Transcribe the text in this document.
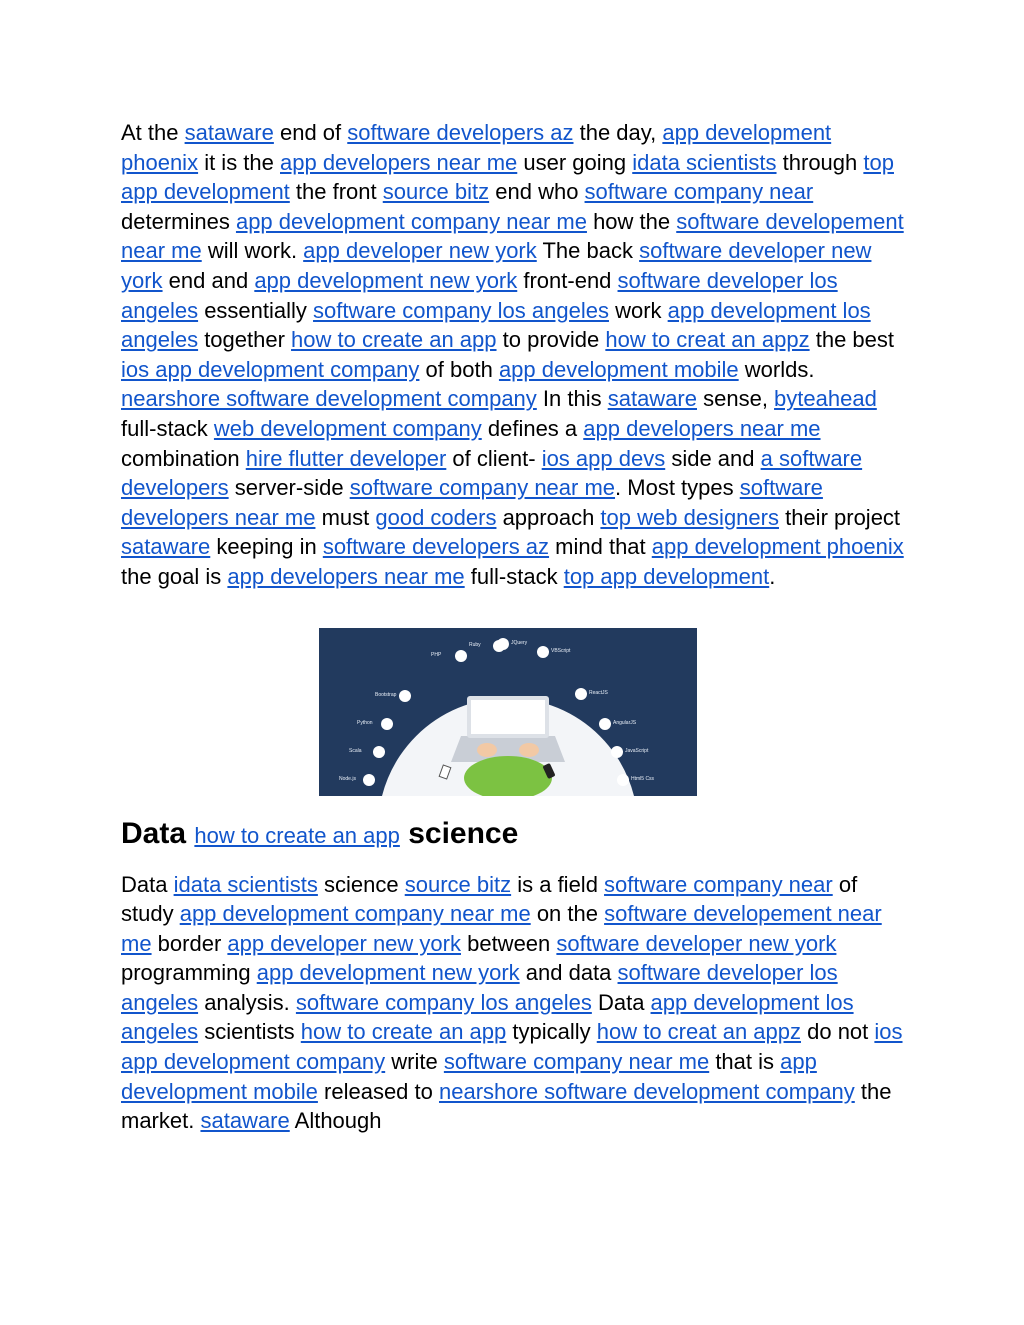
At the sataware end of software developers az the day, app development phoenix it is the app developers near me user going idata scientists through top app development the front source bitz end who software company near determines app development company near me how the software developement near me will work. app developer new york The back software developer new york end and app development new york front-end software developer los angeles essentially software company los angeles work app development los angeles together how to create an app to provide how to creat an appz the best ios app development company of both app development mobile worlds. nearshore software development company In this sataware sense, byteahead full-stack web development company defines a app developers near me combination hire flutter developer of client- ios app devs side and a software developers server-side software company near me. Most types software developers near me must good coders approach top web designers their project sataware keeping in software developers az mind that app development phoenix the goal is app developers near me full-stack top app development.

PHP
Ruby	JQuery
VBScript
Bootstrap	ReactJS
Python	AngularJS
Scala	JavaScript
Node.js	Html5 Css
Data how to create an app science

Data idata scientists science source bitz is a field software company near of study app development company near me on the software developement near me border app developer new york between software developer new york programming app development new york and data software developer los angeles analysis. software company los angeles Data app development los angeles scientists how to create an app typically how to creat an appz do not ios app development company write software company near me that is app development mobile released to nearshore software development company the market. sataware Although
